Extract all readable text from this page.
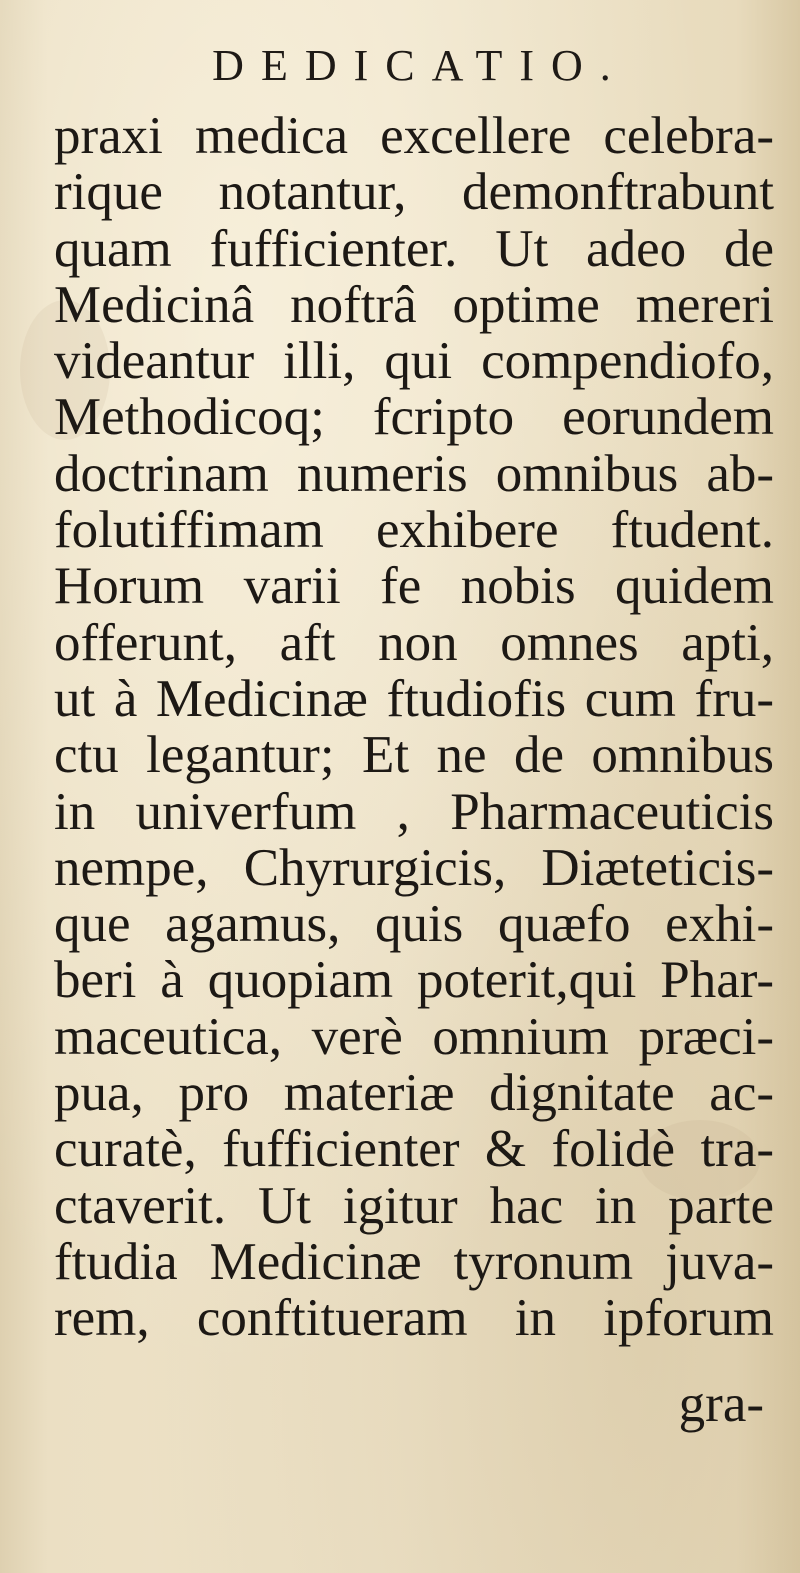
DEDICATIO.
praxi medica excellere celebra-
rique notantur, demonftrabunt
quam fufficienter. Ut adeo de
Medicinâ noftrâ optime mereri
videantur illi, qui compendiofo,
Methodicoq; fcripto eorundem
doctrinam numeris omnibus ab-
folutiffimam exhibere ftudent.
Horum varii fe nobis quidem
offerunt, aft non omnes apti,
ut à Medicinæ ftudiofis cum fru-
ctu legantur; Et ne de omnibus
in univerfum , Pharmaceuticis
nempe, Chyrurgicis, Diæteticis-
que agamus, quis quæfo exhi-
beri à quopiam poterit,qui Phar-
maceutica, verè omnium præci-
pua, pro materiæ dignitate ac-
curatè, fufficienter & folidè tra-
ctaverit. Ut igitur hac in parte
ftudia Medicinæ tyronum juva-
rem, conftitueram in ipforum
gra-
